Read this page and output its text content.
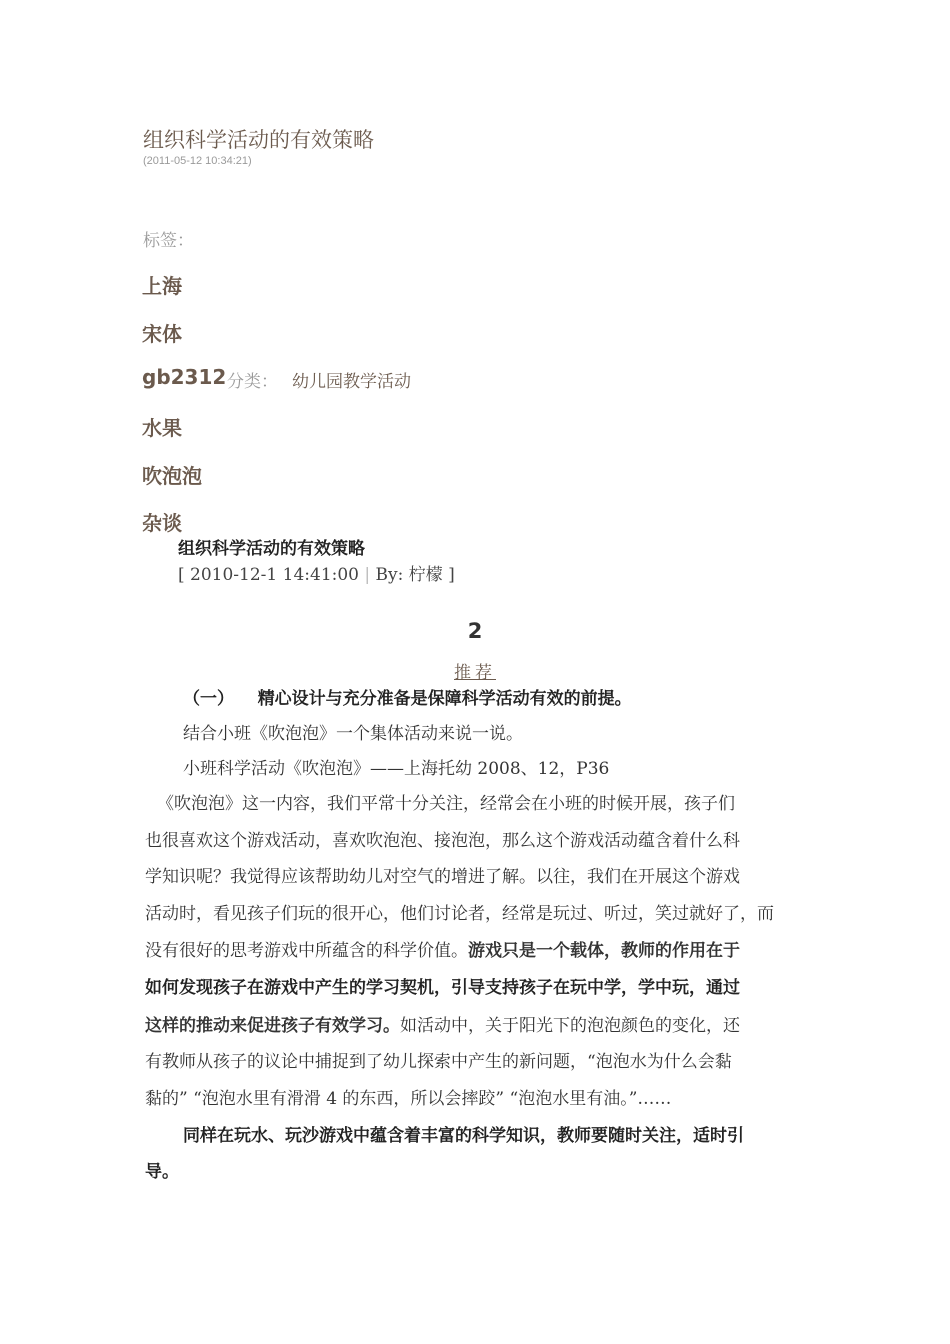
组织科学活动的有效策略
(2011-05-12 10:34:21)
标签：
上海
宋体
gb2312 分类： 幼儿园教学活动
水果
吹泡泡
杂谈
组织科学活动的有效策略
[ 2010-12-1 14:41:00 | By: 柠檬 ]
2
推荐
（一） 精心设计与充分准备是保障科学活动有效的前提。
结合小班《吹泡泡》一个集体活动来说一说。
小班科学活动《吹泡泡》——上海托幼 2008、12，P36
《吹泡泡》这一内容，我们平常十分关注，经常会在小班的时候开展，孩子们
也很喜欢这个游戏活动，喜欢吹泡泡、接泡泡，那么这个游戏活动蕴含着什么科
学知识呢？我觉得应该帮助幼儿对空气的增进了解。以往，我们在开展这个游戏
活动时，看见孩子们玩的很开心，他们讨论者，经常是玩过、听过，笑过就好了，而
没有很好的思考游戏中所蕴含的科学价值。游戏只是一个载体，教师的作用在于
如何发现孩子在游戏中产生的学习契机，引导支持孩子在玩中学，学中玩，通过
这样的推动来促进孩子有效学习。如活动中，关于阳光下的泡泡颜色的变化，还
有教师从孩子的议论中捕捉到了幼儿探索中产生的新问题，“泡泡水为什么会黏
黏的” “泡泡水里有滑滑 4 的东西，所以会摔跤” “泡泡水里有油。”……
同样在玩水、玩沙游戏中蕴含着丰富的科学知识，教师要随时关注，适时引
导。
